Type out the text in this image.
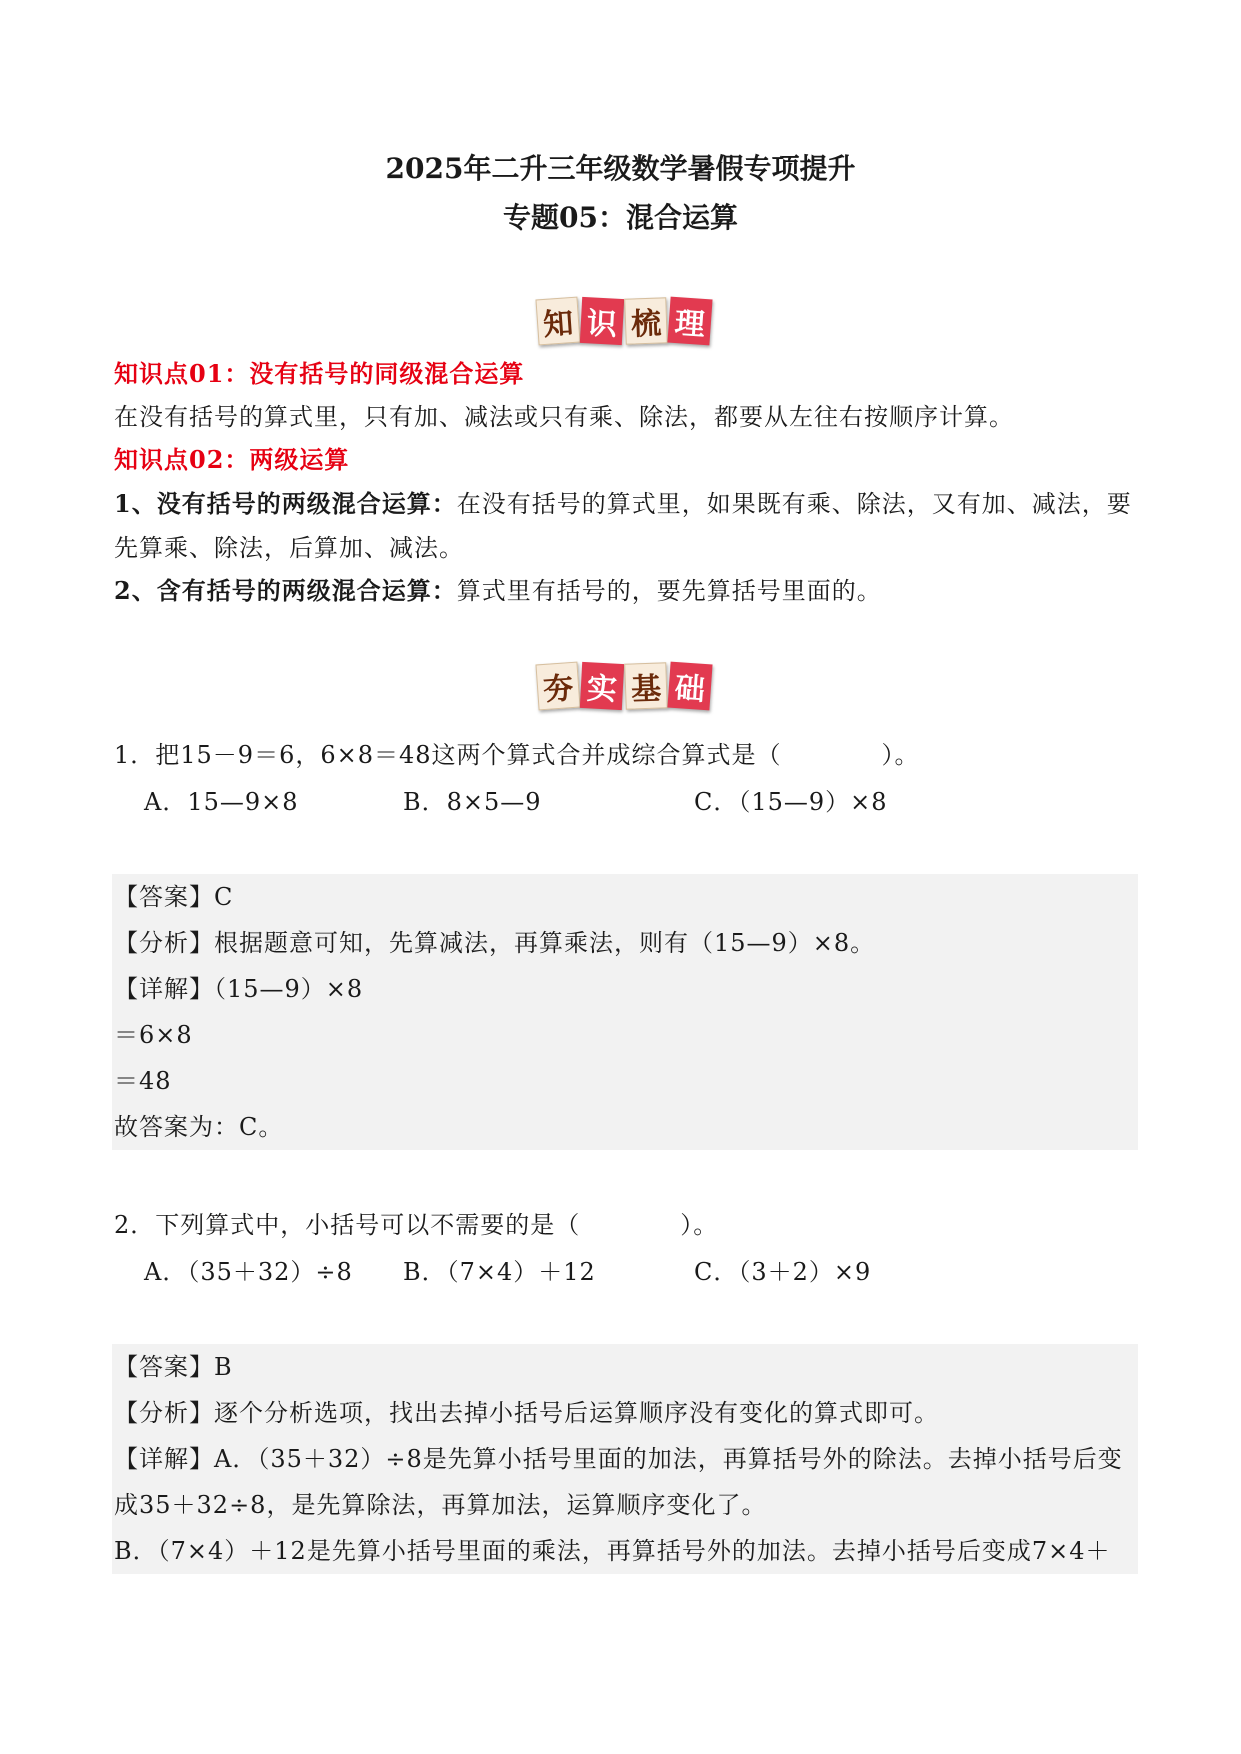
2025年二升三年级数学暑假专项提升
专题05：混合运算
知 识 梳 理
知识点01：没有括号的同级混合运算
在没有括号的算式里，只有加、减法或只有乘、除法，都要从左往右按顺序计算。
知识点02：两级运算
1、没有括号的两级混合运算：在没有括号的算式里，如果既有乘、除法，又有加、减法，要先算乘、除法，后算加、减法。
2、含有括号的两级混合运算：算式里有括号的，要先算括号里面的。
夯 实 基 础
1．把15－9＝6，6×8＝48这两个算式合并成综合算式是（　　　　）。
A．15—9×8	B．8×5—9	C．（15—9）×8
【答案】C
【分析】根据题意可知，先算减法，再算乘法，则有（15—9）×8。
【详解】（15—9）×8
＝6×8
＝48
故答案为：C。
2．下列算式中，小括号可以不需要的是（　　　　）。
A．（35＋32）÷8 B．（7×4）＋12	C．（3＋2）×9
【答案】B
【分析】逐个分析选项，找出去掉小括号后运算顺序没有变化的算式即可。
【详解】A．（35＋32）÷8是先算小括号里面的加法，再算括号外的除法。去掉小括号后变成35＋32÷8，是先算除法，再算加法，运算顺序变化了。
B．（7×4）＋12是先算小括号里面的乘法，再算括号外的加法。去掉小括号后变成7×4＋
